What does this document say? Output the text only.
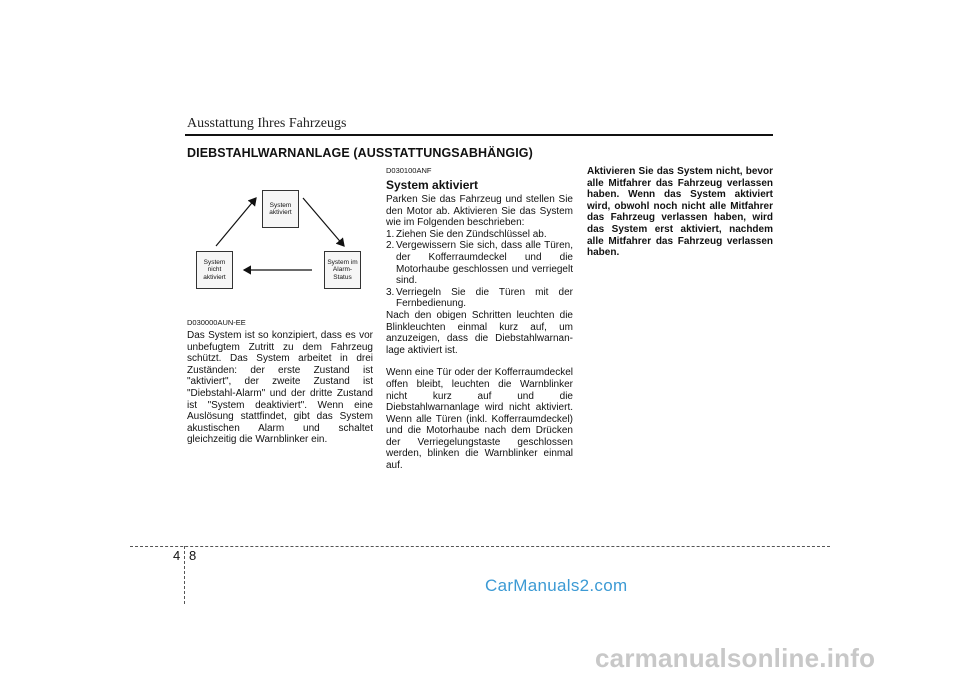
Ausstattung Ihres Fahrzeugs
DIEBSTAHLWARNANLAGE (AUSSTATTUNGSABHÄNGIG)
System aktiviert
System nicht aktiviert
System im Alarm-Status
D030000AUN-EE

Das System ist so konzipiert, dass es vor unbefugtem Zutritt zu dem Fahrzeug schützt. Das System arbeitet in drei Zuständen: der erste Zustand ist "aktiviert", der zweite Zustand ist "Diebstahl-Alarm" und der dritte Zustand ist "System deaktiviert". Wenn eine Auslösung stattfindet, gibt das System akustischen Alarm und schaltet gleichzeitig die Warnblinker ein.

D030100ANF
System aktiviert

Parken Sie das Fahrzeug und stellen Sie den Motor ab. Aktivieren Sie das System wie im Folgenden beschrieben:

1. Ziehen Sie den Zündschlüssel ab.
2. Vergewissern Sie sich, dass alle Türen, der Kofferraumdeckel und die Motorhaube geschlossen und verriegelt sind.
3. Verriegeln Sie die Türen mit der Fernbedienung.

Nach den obigen Schritten leuchten die Blinkleuchten einmal kurz auf, um anzuzeigen, dass die Diebstahlwarnan-lage aktiviert ist.

Wenn eine Tür oder der Kofferraumdeckel offen bleibt, leuchten die Warnblinker nicht kurz auf und die Diebstahlwarnanlage wird nicht aktiviert. Wenn alle Türen (inkl. Kofferraumdeckel) und die Motorhaube nach dem Drücken der Verriegelungstaste geschlossen werden, blinken die Warnblinker einmal auf.

Aktivieren Sie das System nicht, bevor alle Mitfahrer das Fahrzeug verlassen haben. Wenn das System aktiviert wird, obwohl noch nicht alle Mitfahrer das Fahrzeug verlassen haben, wird das System erst aktiviert, nachdem alle Mitfahrer das Fahrzeug verlassen haben.

4 8
CarManuals2.com
carmanualsonline.info
